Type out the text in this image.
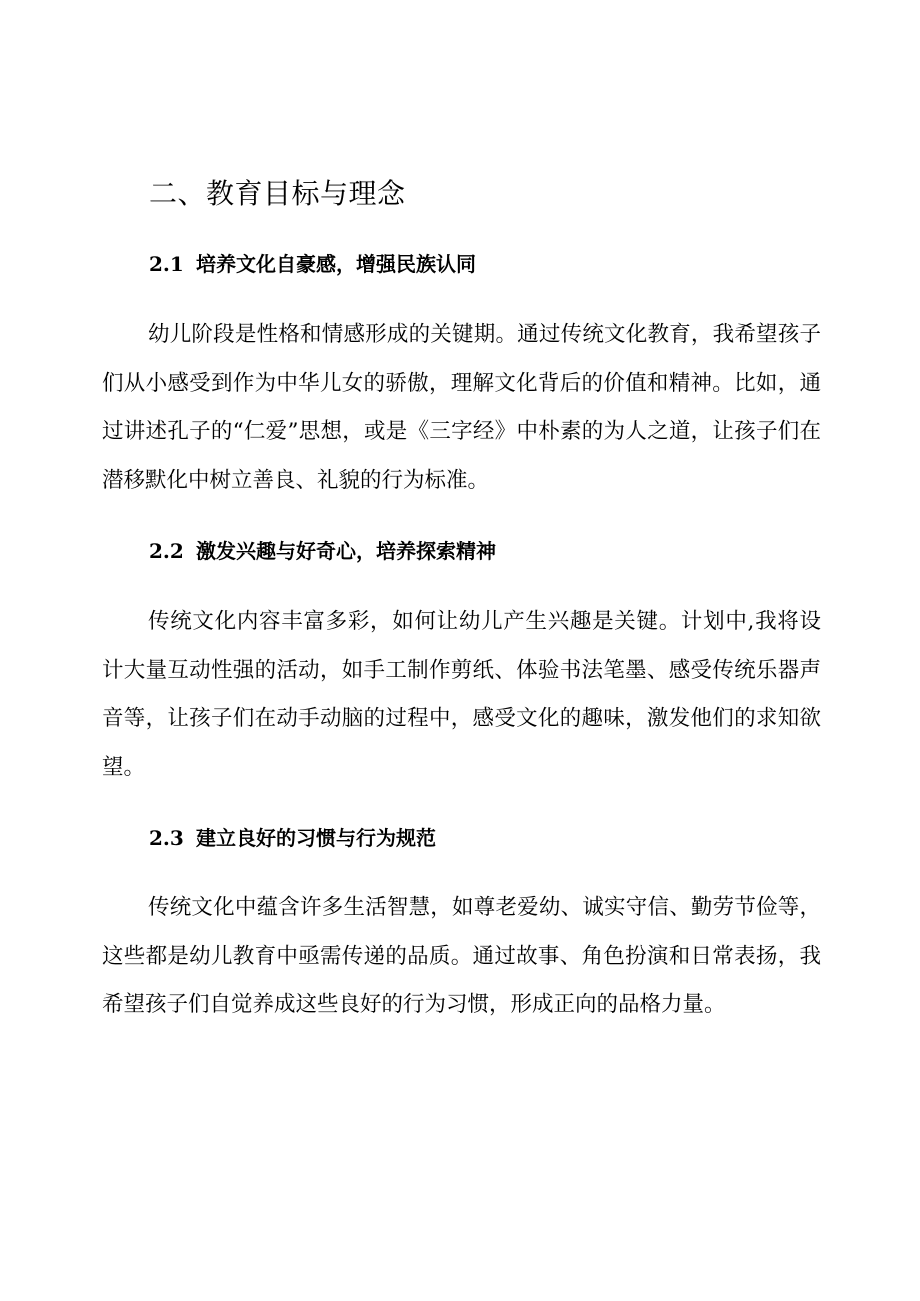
二、教育目标与理念
2.1 培养文化自豪感，增强民族认同

幼儿阶段是性格和情感形成的关键期。通过传统文化教育，我希望孩子们从小感受到作为中华儿女的骄傲，理解文化背后的价值和精神。比如，通过讲述孔子的“仁爱”思想，或是《三字经》中朴素的为人之道，让孩子们在潜移默化中树立善良、礼貌的行为标准。

2.2 激发兴趣与好奇心，培养探索精神

传统文化内容丰富多彩，如何让幼儿产生兴趣是关键。计划中,我将设计大量互动性强的活动，如手工制作剪纸、体验书法笔墨、感受传统乐器声音等，让孩子们在动手动脑的过程中，感受文化的趣味，激发他们的求知欲望。

2.3 建立良好的习惯与行为规范

传统文化中蕴含许多生活智慧，如尊老爱幼、诚实守信、勤劳节俭等，这些都是幼儿教育中亟需传递的品质。通过故事、角色扮演和日常表扬，我希望孩子们自觉养成这些良好的行为习惯，形成正向的品格力量。
